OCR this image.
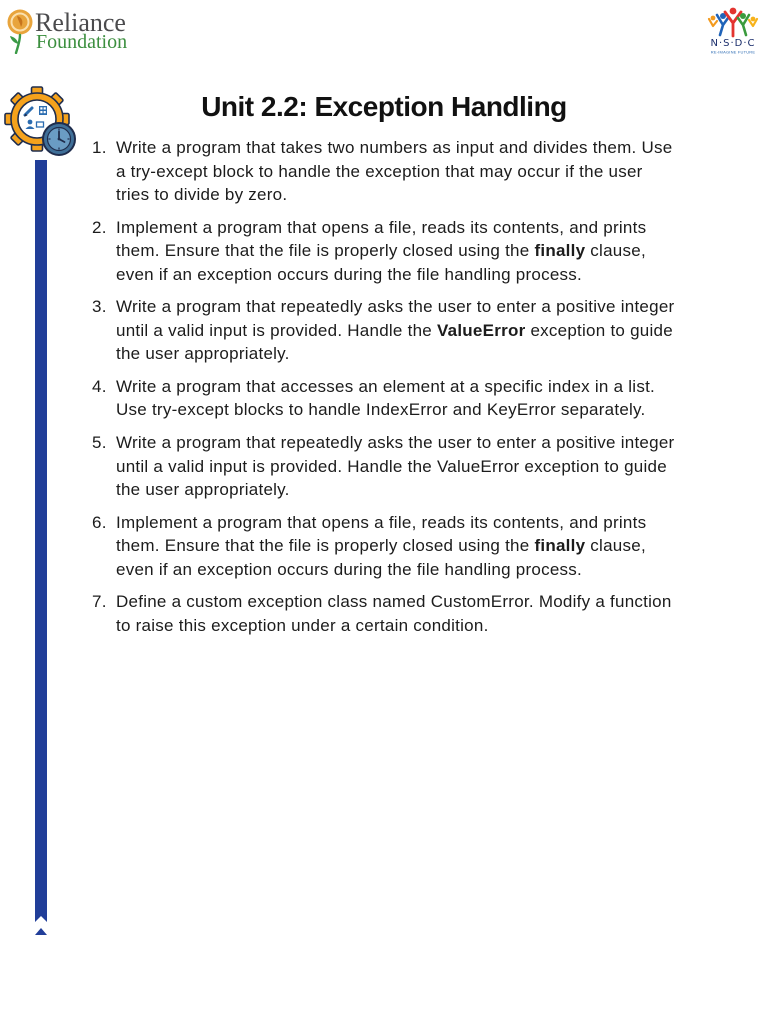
Reliance
Foundation	N·S·D·C
RE-IMAGINE FUTURE
Unit 2.2: Exception Handling
1. Write a program that takes two numbers as input and divides them. Use
a try-except block to handle the exception that may occur if the user
tries to divide by zero.
2. Implement a program that opens a file, reads its contents, and prints
them. Ensure that the file is properly closed using the finally clause,
even if an exception occurs during the file handling process.
3. Write a program that repeatedly asks the user to enter a positive integer
until a valid input is provided. Handle the ValueError exception to guide
the user appropriately.
4. Write a program that accesses an element at a specific index in a list.
Use try-except blocks to handle IndexError and KeyError separately.
5. Write a program that repeatedly asks the user to enter a positive integer
until a valid input is provided. Handle the ValueError exception to guide
the user appropriately.
6. Implement a program that opens a file, reads its contents, and prints
them. Ensure that the file is properly closed using the finally clause,
even if an exception occurs during the file handling process.
7. Define a custom exception class named CustomError. Modify a function
to raise this exception under a certain condition.
